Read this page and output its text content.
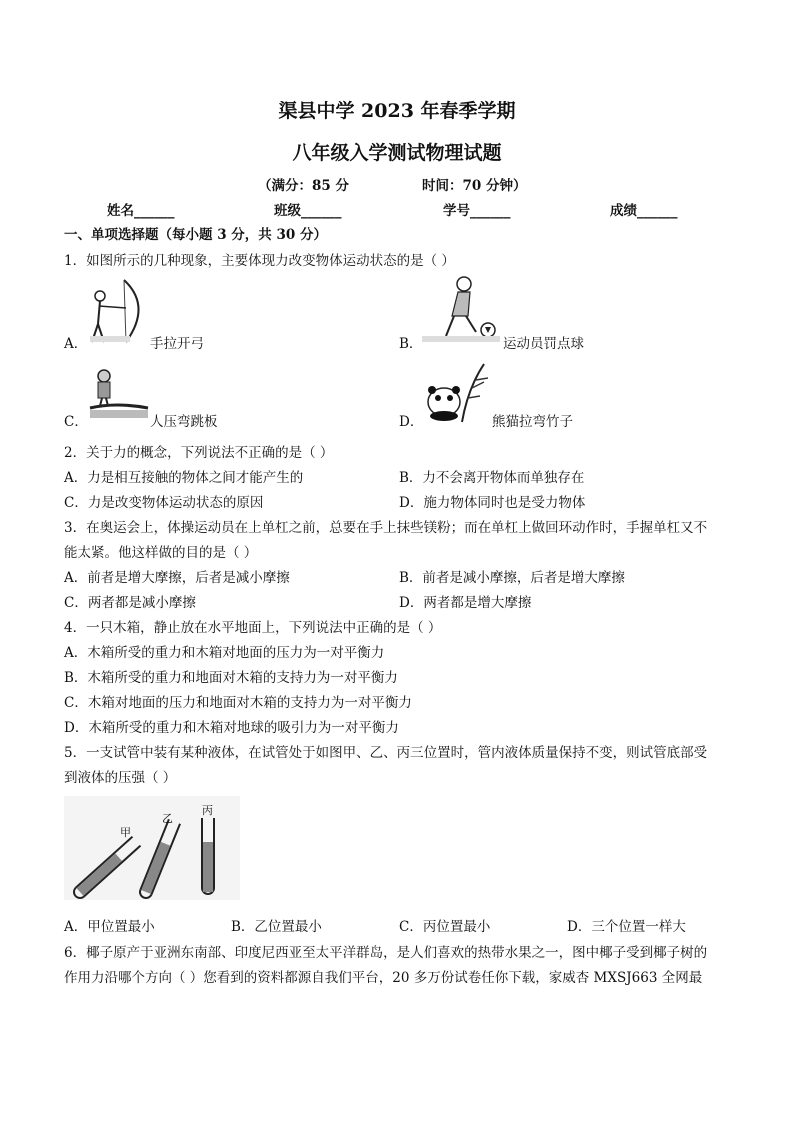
渠县中学 2023 年春季学期
八年级入学测试物理试题
（满分：85 分	时间：70 分钟）
姓名______	班级______	学号______	成绩______
一、单项选择题（每小题 3 分，共 30 分）
1．如图所示的几种现象，主要体现力改变物体运动状态的是（ ）
A．	手拉开弓	B．	运动员罚点球
C．	人压弯跳板	D．	熊猫拉弯竹子
2．关于力的概念，下列说法不正确的是（ ）
A．力是相互接触的物体之间才能产生的	B．力不会离开物体而单独存在
C．力是改变物体运动状态的原因	D．施力物体同时也是受力物体
3．在奥运会上，体操运动员在上单杠之前，总要在手上抹些镁粉；而在单杠上做回环动作时，手握单杠又不
能太紧。他这样做的目的是（ ）
A．前者是增大摩擦，后者是减小摩擦	B．前者是减小摩擦，后者是增大摩擦
C．两者都是减小摩擦	D．两者都是增大摩擦
4．一只木箱，静止放在水平地面上，下列说法中正确的是（ ）
A．木箱所受的重力和木箱对地面的压力为一对平衡力
B．木箱所受的重力和地面对木箱的支持力为一对平衡力
C．木箱对地面的压力和地面对木箱的支持力为一对平衡力
D．木箱所受的重力和木箱对地球的吸引力为一对平衡力
5．一支试管中装有某种液体，在试管处于如图甲、乙、丙三位置时，管内液体质量保持不变，则试管底部受
到液体的压强（ ）
甲
乙
丙
A．甲位置最小	B．乙位置最小	C．丙位置最小	D．三个位置一样大
6．椰子原产于亚洲东南部、印度尼西亚至太平洋群岛，是人们喜欢的热带水果之一，图中椰子受到椰子树的
作用力沿哪个方向（ ）您看到的资料都源自我们平台，20 多万份试卷任你下载，家威杏 MXSJ663 全网最
